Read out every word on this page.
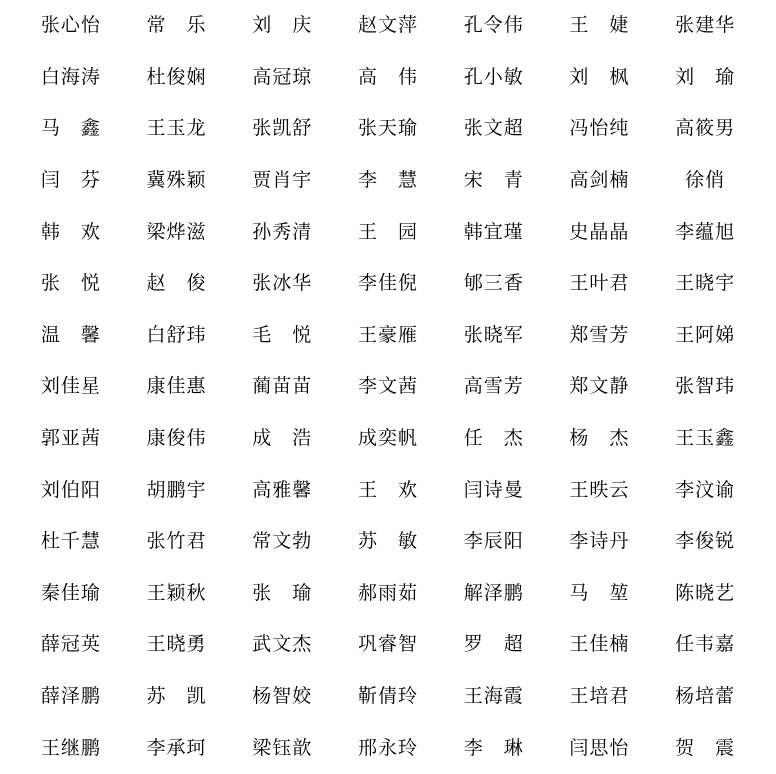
张心怡	常　乐	刘　庆	赵文萍	孔令伟	王　婕	张建华
白海涛	杜俊娴	高冠琼	高　伟	孔小敏	刘　枫	刘　瑜
马　鑫	王玉龙	张凯舒	张天瑜	张文超	冯怡纯	高筱男
闫　芬	冀殊颖	贾肖宇	李　慧	宋　青	高剑楠	徐俏
韩　欢	梁烨滋	孙秀清	王　园	韩宜瑾	史晶晶	李蕴旭
张　悦	赵　俊	张冰华	李佳倪	郇三香	王叶君	王晓宇
温　馨	白舒玮	毛　悦	王豪雁	张晓军	郑雪芳	王阿娣
刘佳星	康佳惠	蔺苗苗	李文茜	高雪芳	郑文静	张智玮
郭亚茜	康俊伟	成　浩	成奕帆	任　杰	杨　杰	王玉鑫
刘伯阳	胡鹏宇	高雅馨	王　欢	闫诗曼	王昳云	李汶谕
杜千慧	张竹君	常文勃	苏　敏	李辰阳	李诗丹	李俊锐
秦佳瑜	王颖秋	张　瑜	郝雨茹	解泽鹏	马　堃	陈晓艺
薛冠英	王晓勇	武文杰	巩睿智	罗　超	王佳楠	任韦嘉
薛泽鹏	苏　凯	杨智姣	靳倩玲	王海霞	王培君	杨培蕾
王继鹏	李承珂	梁钰歆	邢永玲	李　琳	闫思怡	贺　震
